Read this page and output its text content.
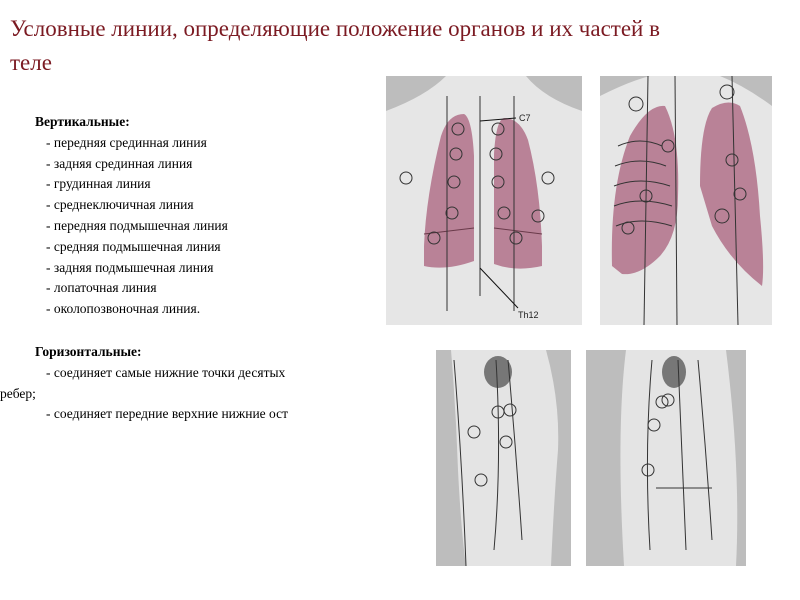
Условные линии, определяющие положение органов и их частей в теле
Вертикальные:
- передняя срединная линия
- задняя срединная линия
- грудинная линия
- среднеключичная линия
- передняя подмышечная линия
- средняя подмышечная линия
- задняя подмышечная линия
- лопаточная линия
- околопозвоночная линия.
Горизонтальные:
- соединяет самые нижние точки десятых
ребер;
- соединяет передние верхние нижние ост
C7
Th12
